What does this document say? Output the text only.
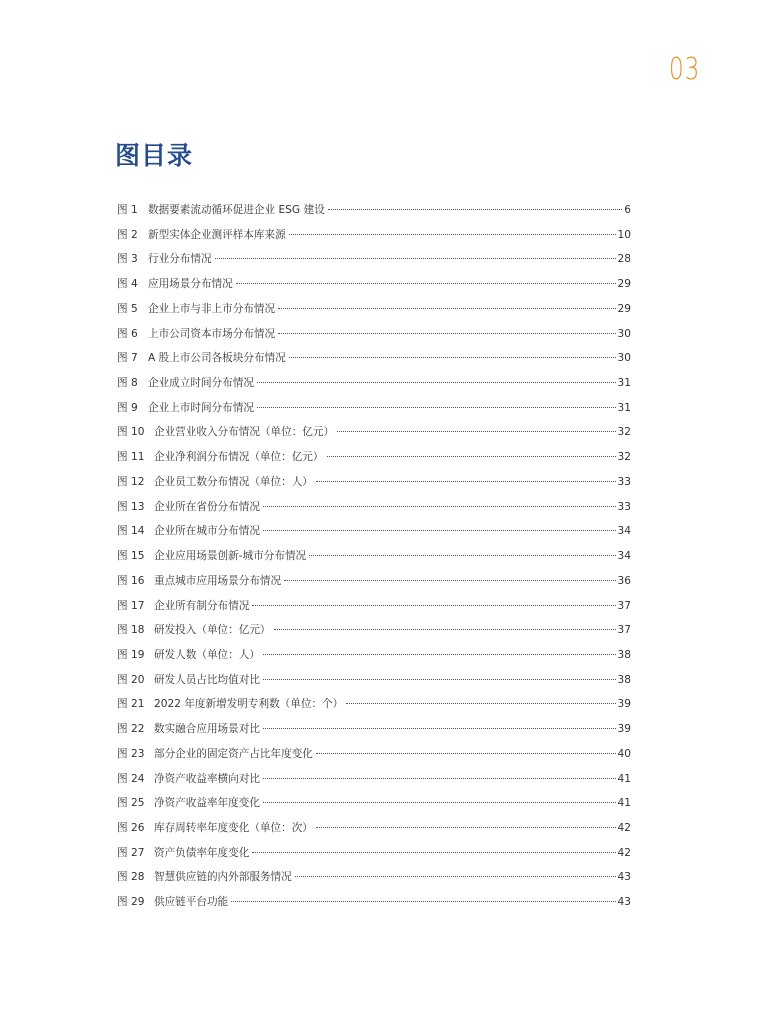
03
图目录
图 1 数据要素流动循环促进企业 ESG 建设	6
图 2 新型实体企业测评样本库来源	10
图 3 行业分布情况	28
图 4 应用场景分布情况	29
图 5 企业上市与非上市分布情况	29
图 6 上市公司资本市场分布情况	30
图 7 A 股上市公司各板块分布情况	30
图 8 企业成立时间分布情况	31
图 9 企业上市时间分布情况	31
图 10 企业营业收入分布情况（单位：亿元）	32
图 11 企业净利润分布情况（单位：亿元）	32
图 12 企业员工数分布情况（单位：人）	33
图 13 企业所在省份分布情况	33
图 14 企业所在城市分布情况	34
图 15 企业应用场景创新-城市分布情况	34
图 16 重点城市应用场景分布情况	36
图 17 企业所有制分布情况	37
图 18 研发投入（单位：亿元）	37
图 19 研发人数（单位：人）	38
图 20 研发人员占比均值对比	38
图 21 2022 年度新增发明专利数（单位：个）	39
图 22 数实融合应用场景对比	39
图 23 部分企业的固定资产占比年度变化	40
图 24 净资产收益率横向对比	41
图 25 净资产收益率年度变化	41
图 26 库存周转率年度变化（单位：次）	42
图 27 资产负债率年度变化	42
图 28 智慧供应链的内外部服务情况	43
图 29 供应链平台功能	43
